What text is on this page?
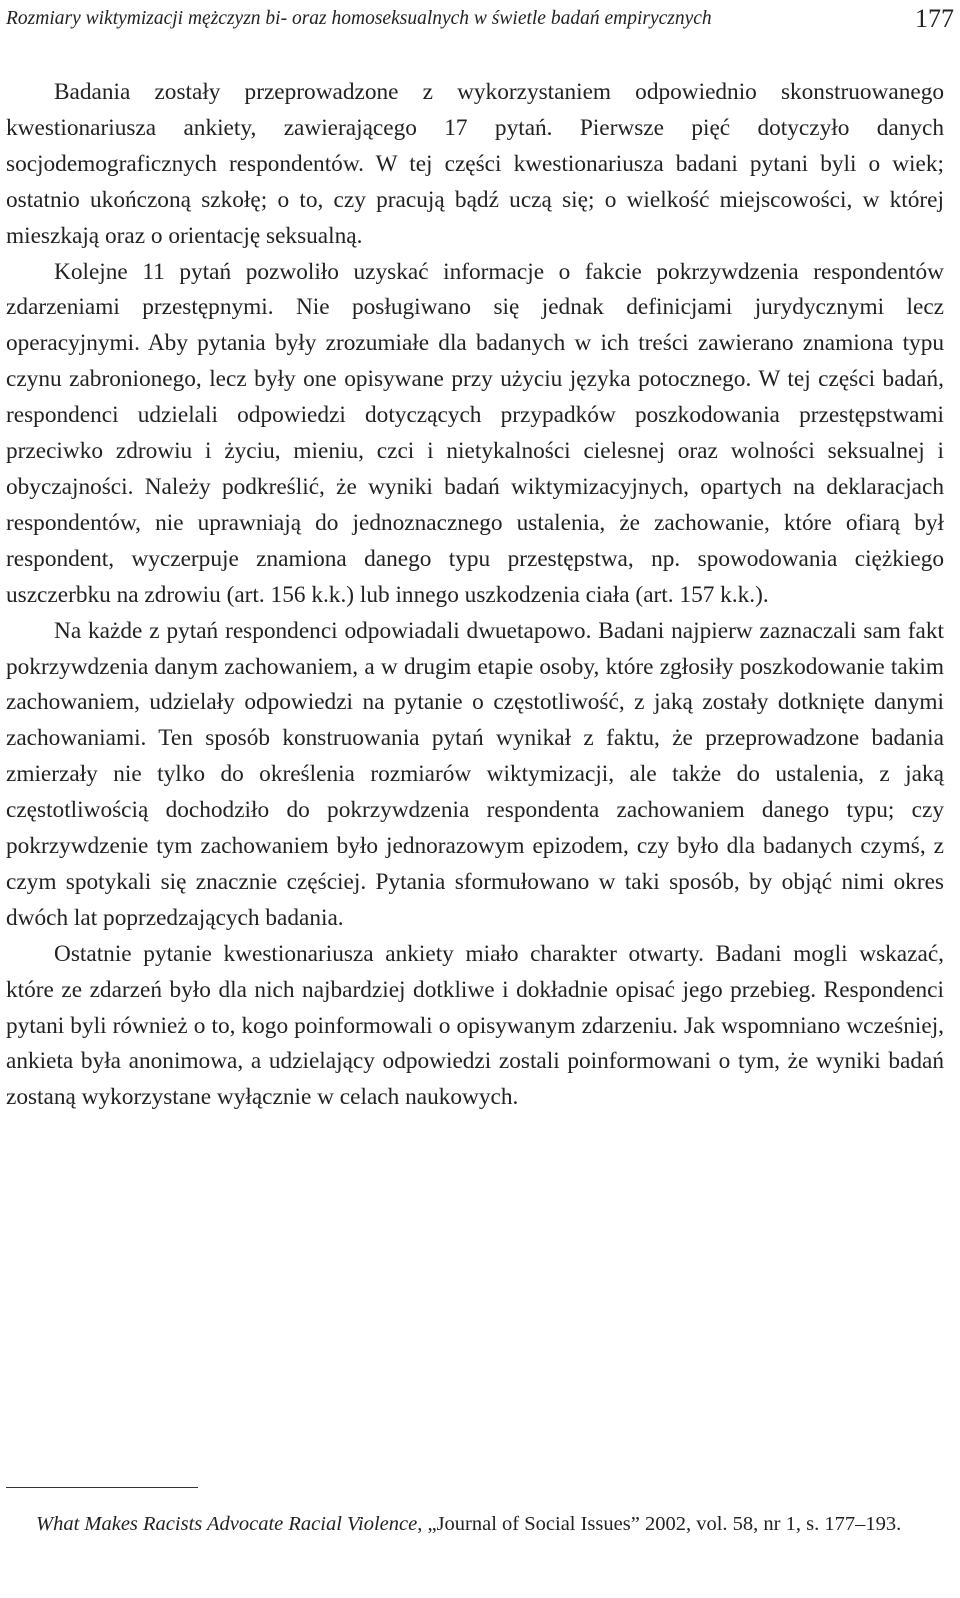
Rozmiary wiktymizacji mężczyzn bi- oraz homoseksualnych w świetle badań empirycznych	177

Badania zostały przeprowadzone z wykorzystaniem odpowiednio skonstruowanego kwestionariusza ankiety, zawierającego 17 pytań. Pierwsze pięć dotyczyło danych socjodemograficznych respondentów. W tej części kwestionariusza badani pytani byli o wiek; ostatnio ukończoną szkołę; o to, czy pracują bądź uczą się; o wielkość miejscowości, w której mieszkają oraz o orientację seksualną.

Kolejne 11 pytań pozwoliło uzyskać informacje o fakcie pokrzywdzenia respondentów zdarzeniami przestępnymi. Nie posługiwano się jednak definicjami jurydycznymi lecz operacyjnymi. Aby pytania były zrozumiałe dla badanych w ich treści zawierano znamiona typu czynu zabronionego, lecz były one opisywane przy użyciu języka potocznego. W tej części badań, respondenci udzielali odpowiedzi dotyczących przypadków poszkodowania przestępstwami przeciwko zdrowiu i życiu, mieniu, czci i nietykalności cielesnej oraz wolności seksualnej i obyczajności. Należy podkreślić, że wyniki badań wiktymizacyjnych, opartych na deklaracjach respondentów, nie uprawniają do jednoznacznego ustalenia, że zachowanie, które ofiarą był respondent, wyczerpuje znamiona danego typu przestępstwa, np. spowodowania ciężkiego uszczerbku na zdrowiu (art. 156 k.k.) lub innego uszkodzenia ciała (art. 157 k.k.).

Na każde z pytań respondenci odpowiadali dwuetapowo. Badani najpierw zaznaczali sam fakt pokrzywdzenia danym zachowaniem, a w drugim etapie osoby, które zgłosiły poszkodowanie takim zachowaniem, udzielały odpowiedzi na pytanie o częstotliwość, z jaką zostały dotknięte danymi zachowaniami. Ten sposób konstruowania pytań wynikał z faktu, że przeprowadzone badania zmierzały nie tylko do określenia rozmiarów wiktymizacji, ale także do ustalenia, z jaką częstotliwością dochodziło do pokrzywdzenia respondenta zachowaniem danego typu; czy pokrzywdzenie tym zachowaniem było jednorazowym epizodem, czy było dla badanych czymś, z czym spotykali się znacznie częściej. Pytania sformułowano w taki sposób, by objąć nimi okres dwóch lat poprzedzających badania.

Ostatnie pytanie kwestionariusza ankiety miało charakter otwarty. Badani mogli wskazać, które ze zdarzeń było dla nich najbardziej dotkliwe i dokładnie opisać jego przebieg. Respondenci pytani byli również o to, kogo poinformowali o opisywanym zdarzeniu. Jak wspomniano wcześniej, ankieta była anonimowa, a udzielający odpowiedzi zostali poinformowani o tym, że wyniki badań zostaną wykorzystane wyłącznie w celach naukowych.

What Makes Racists Advocate Racial Violence, „Journal of Social Issues” 2002, vol. 58, nr 1, s. 177–193.
